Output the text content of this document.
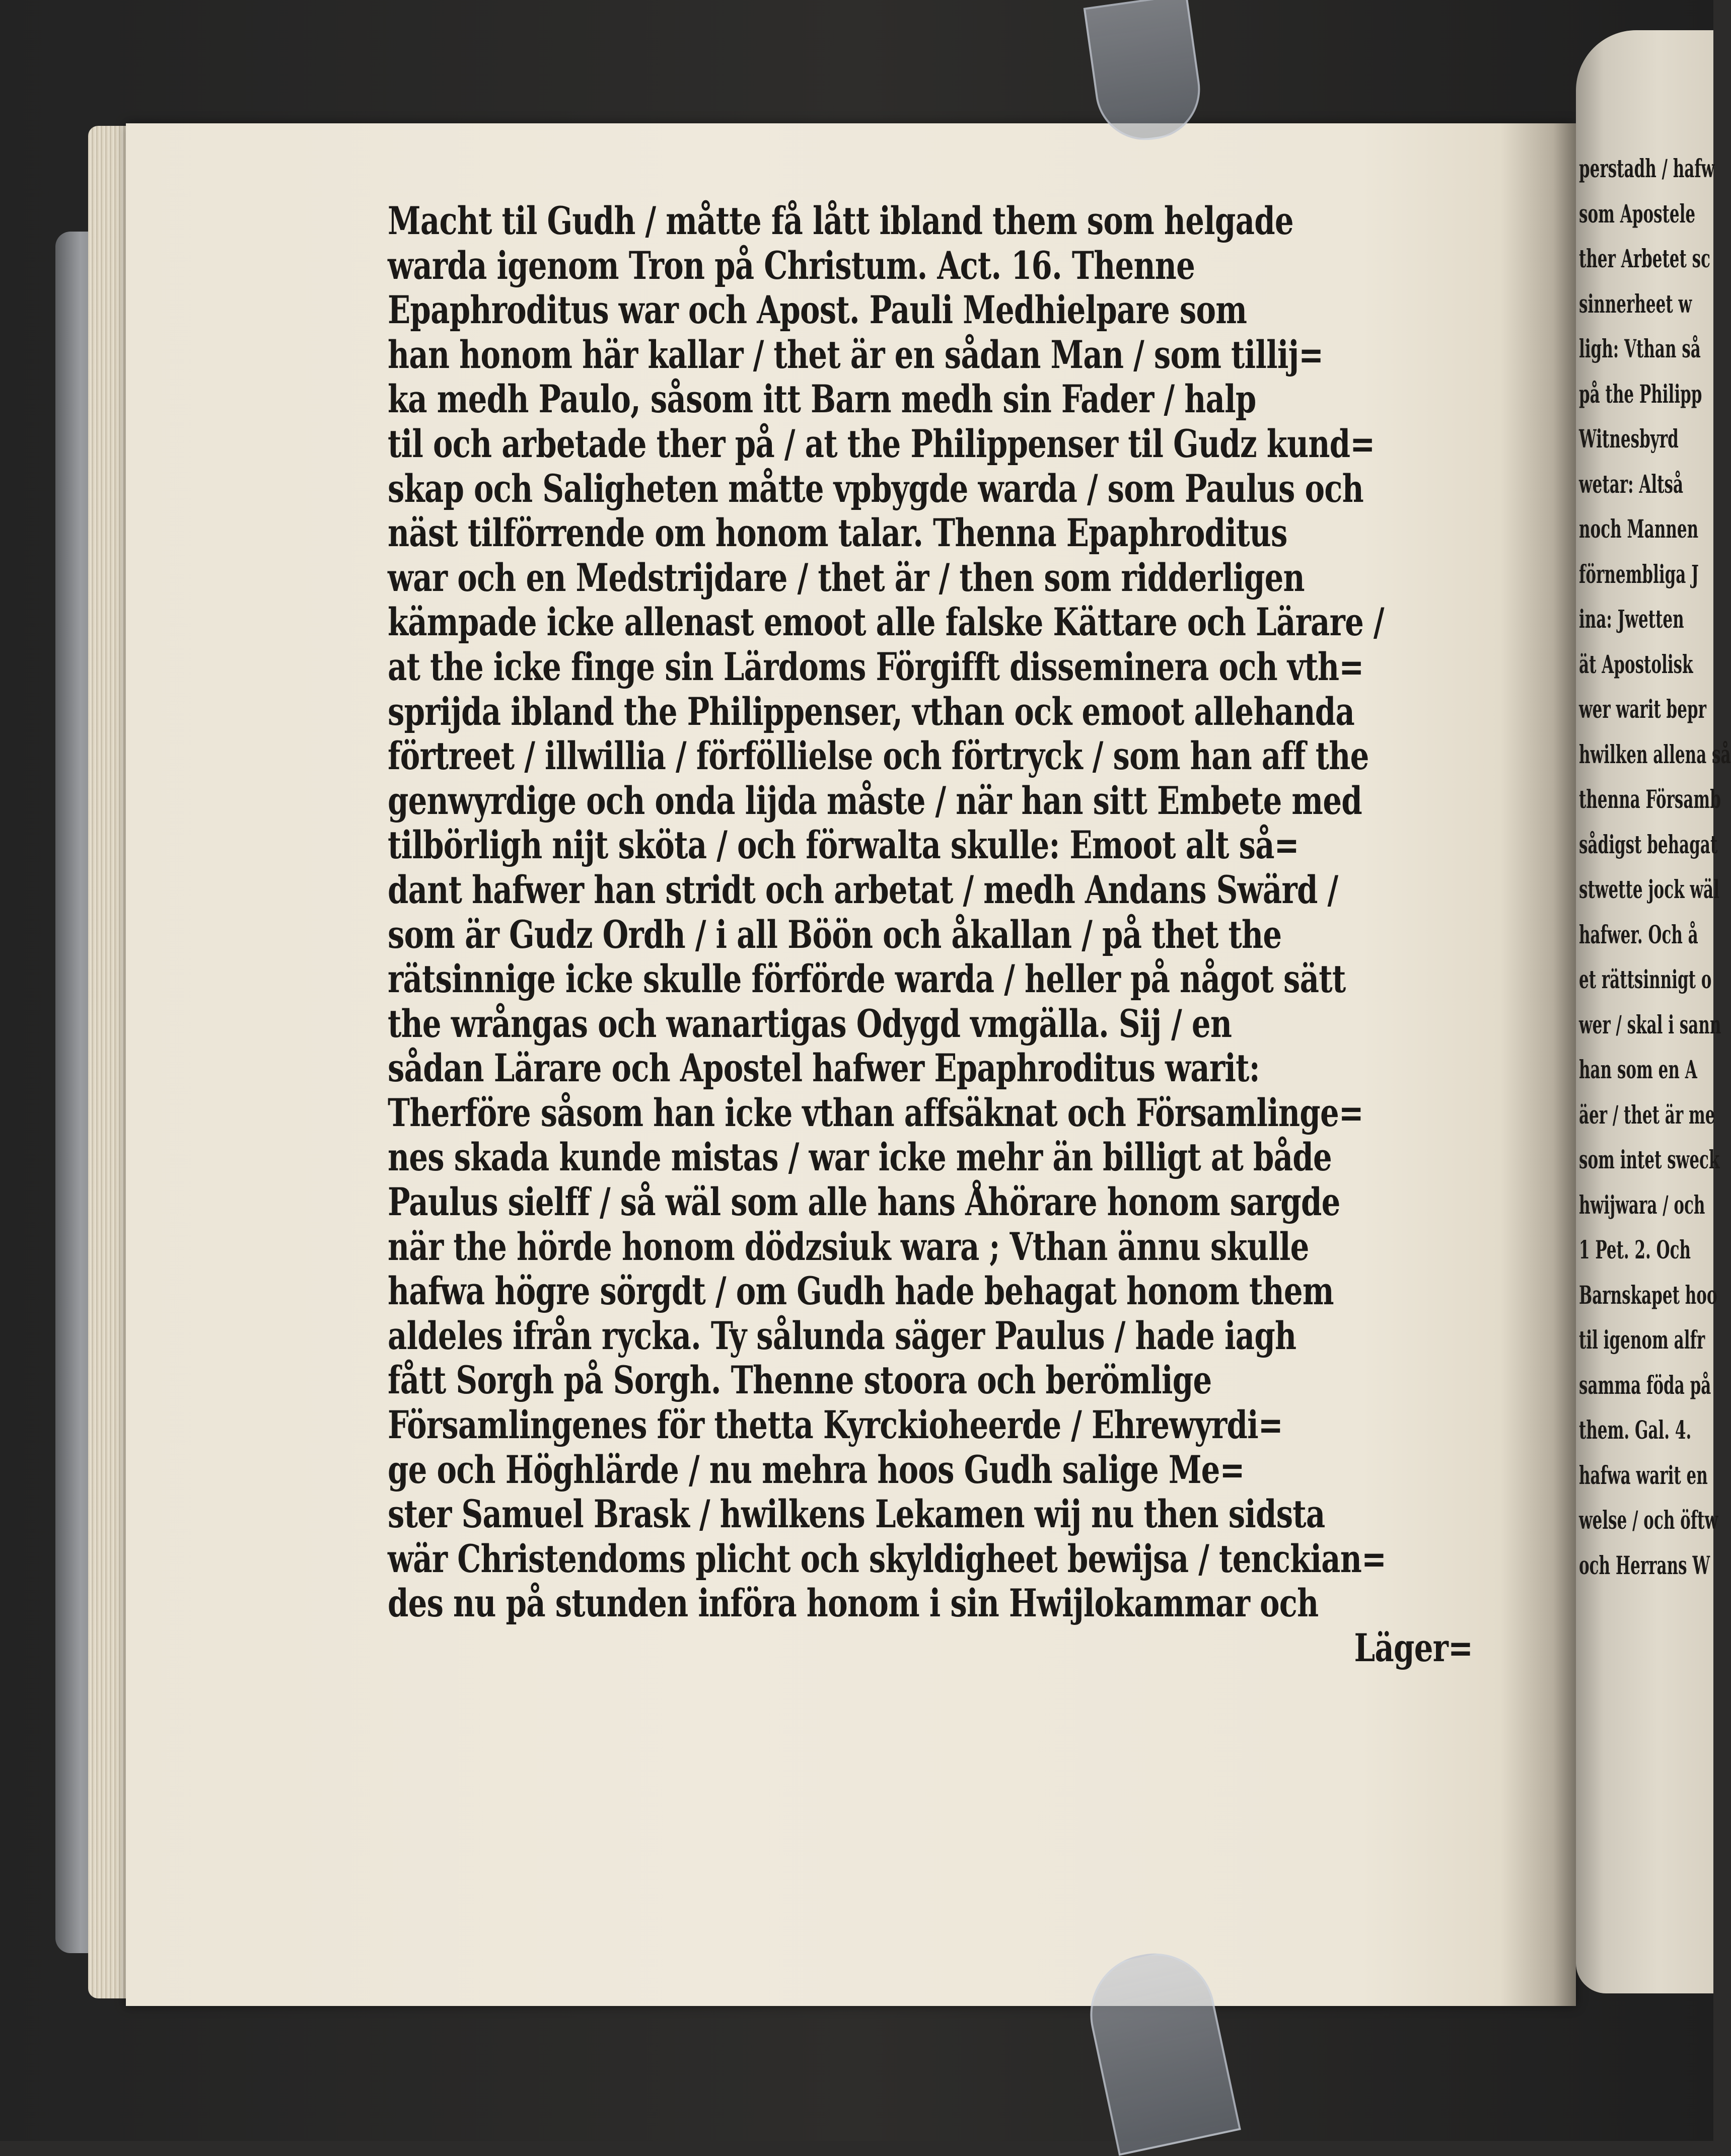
Macht til Gudh / måtte få lått ibland them som helgade
warda igenom Tron på Christum. Act. 16. Thenne
Epaphroditus war och Apost. Pauli Medhielpare som
han honom här kallar / thet är en sådan Man / som tillij=
ka medh Paulo, såsom itt Barn medh sin Fader / halp
til och arbetade ther på / at the Philippenser til Gudz kund=
skap och Saligheten måtte vpbygde warda / som Paulus och
näst tilförrende om honom talar. Thenna Epaphroditus
war och en Medstrijdare / thet är / then som ridderligen
kämpade icke allenast emoot alle falske Kättare och Lärare /
at the icke finge sin Lärdoms Förgifft disseminera och vth=
sprijda ibland the Philippenser, vthan ock emoot allehanda
förtreet / illwillia / förföllielse och förtryck / som han aff the
genwyrdige och onda lijda måste / när han sitt Embete med
tilbörligh nijt sköta / och förwalta skulle: Emoot alt så=
dant hafwer han stridt och arbetat / medh Andans Swärd /
som är Gudz Ordh / i all Böön och åkallan / på thet the
rätsinnige icke skulle förförde warda / heller på något sätt
the wrångas och wanartigas Odygd vmgälla. Sij / en
sådan Lärare och Apostel hafwer Epaphroditus warit:
Therföre såsom han icke vthan affsäknat och Församlinge=
nes skada kunde mistas / war icke mehr än billigt at både
Paulus sielff / så wäl som alle hans Åhörare honom sargde
när the hörde honom dödzsiuk wara ; Vthan ännu skulle
hafwa högre sörgdt / om Gudh hade behagat honom them
aldeles ifrån rycka. Ty sålunda säger Paulus / hade iagh
fått Sorgh på Sorgh. Thenne stoora och berömlige
Församlingenes för thetta Kyrckioheerde / Ehrewyrdi=
ge och Höghlärde / nu mehra hoos Gudh salige Me=
ster Samuel Brask / hwilkens Lekamen wij nu then sidsta
wär Christendoms plicht och skyldigheet bewijsa / tenckian=
des nu på stunden införa honom i sin Hwijlokammar och
Läger=
perstadh / hafw
som Apostele
ther Arbetet sc
sinnerheet w
ligh: Vthan så
på the Philipp
Witnesbyrd
wetar: Altså
noch Mannen
förnembliga J
ina: Jwetten
ät Apostolisk
wer warit bepr
hwilken allena så
thenna Församb
sådigst behagat
stwette jock wäl
hafwer. Och å
et rättsinnigt o
wer / skal i sann
han som en A
äer / thet är me
som intet sweck
hwijwara / och
1 Pet. 2. Och
Barnskapet hoo
til igenom alfr
samma föda på
them. Gal. 4.
hafwa warit en
welse / och öftw
och Herrans W
